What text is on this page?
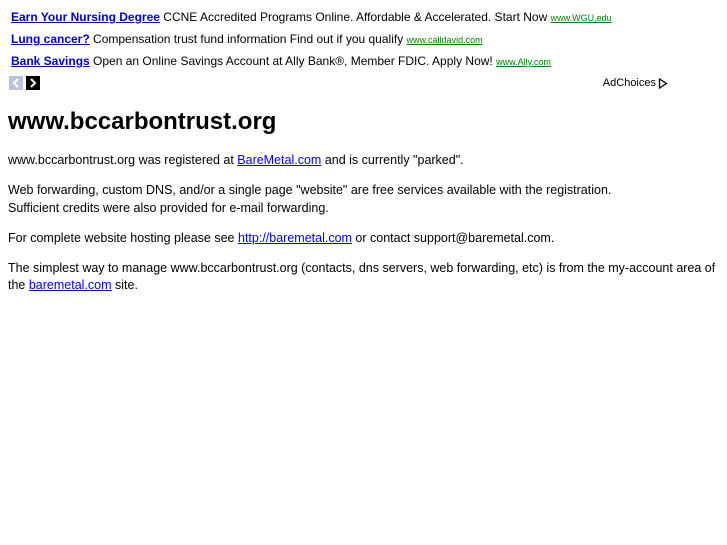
Earn Your Nursing Degree CCNE Accredited Programs Online. Affordable & Accelerated. Start Now www.WGU.edu
Lung cancer? Compensation trust fund information Find out if you qualify www.calldavid.com
Bank Savings Open an Online Savings Account at Ally Bank®, Member FDIC. Apply Now! www.Ally.com
AdChoices
www.bccarbontrust.org

www.bccarbontrust.org was registered at BareMetal.com and is currently "parked".

Web forwarding, custom DNS, and/or a single page "website" are free services available with the registration.
Sufficient credits were also provided for e-mail forwarding.

For complete website hosting please see http://baremetal.com or contact support@baremetal.com.

The simplest way to manage www.bccarbontrust.org (contacts, dns servers, web forwarding, etc) is from the my-account area of the baremetal.com site.
